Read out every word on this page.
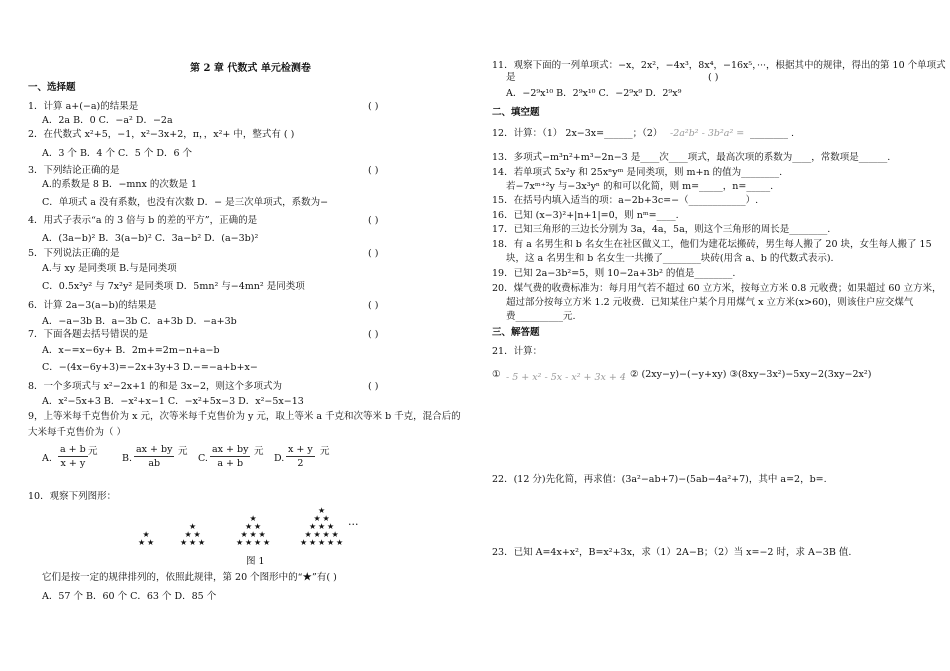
第 2 章 代数式 单元检测卷
一、选择题
1．计算 a+(−a)的结果是	( )
A．2a B．0 C．−a² D．−2a
2．在代数式 x²+5，−1，x²−3x+2，π，，x²+ 中，整式有 ( )
A．3 个 B．4 个 C．5 个 D．6 个
3．下列结论正确的是	( )
A.的系数是 8 B．−mnx 的次数是 1
C．单项式 a 没有系数，也没有次数 D．− 是三次单项式，系数为−
4．用式子表示“a 的 3 倍与 b 的差的平方”，正确的是	( )
A．(3a−b)² B．3(a−b)² C．3a−b² D．(a−3b)²
5．下列说法正确的是	( )
A.与 xy 是同类项 B.与是同类项
C．0.5x²y² 与 7x²y² 是同类项 D．5mn² 与−4mn² 是同类项
6．计算 2a−3(a−b)的结果是	( )
A．−a−3b B．a−3b C．a+3b D．−a+3b
7．下面各题去括号错误的是	( )
A．x−=x−6y+ B．2m+=2m−n+a−b
C．−(4x−6y+3)=−2x+3y+3 D.−=−a+b+x−
8．一个多项式与 x²−2x+1 的和是 3x−2，则这个多项式为	( )
A．x²−5x+3 B．−x²+x−1 C．−x²+5x−3 D．x²−5x−13
9，上等米每千克售价为 x 元，次等米每千克售价为 y 元，取上等米 a 千克和次等米 b 千克，混合后的
大米每千克售价为（ ）
A.
a + b
x + y
元
B.
ax + by
ab
元
C.
ax + by
a + b
元
D.
x + y
2
元
10．观察下列图形：
★ ★
★
★
★ ★
★ ★ ★
★
★ ★
★ ★ ★
★ ★ ★ ★
★
★ ★
★ ★ ★
★ ★ ★ ★
★ ★ ★ ★ ★
···
图 1
它们是按一定的规律排列的，依照此规律，第 20 个图形中的“★”有( )
A．57 个 B．60 个 C．63 个 D．85 个
11．观察下面的一列单项式：−x，2x²，−4x³，8x⁴，−16x⁵，···，根据其中的规律，得出的第 10 个单项式
是	( )
A．−2⁹x¹⁰ B．2⁹x¹⁰ C．−2⁹x⁹ D．2⁹x⁹
二、填空题
12．计算：（1） 2x−3x=______；（2） -2a²b² - 3b²a² = ________ .
13．多项式−m³n²+m³−2n−3 是____次____项式，最高次项的系数为____，常数项是______.
14．若单项式 5x²y 和 25xⁿyᵐ 是同类项，则 m+n 的值为________.
若−7xᵐ⁺²y 与−3x³yⁿ 的和可以化简，则 m=_____，n=_____.
15．在括号内填入适当的项：a−2b+3c=−（____________）.
16．已知 (x−3)²+|n+1|=0，则 nᵐ=____.
17．已知三角形的三边长分别为 3a，4a，5a，则这个三角形的周长是________.
18．有 a 名男生和 b 名女生在社区做义工，他们为建花坛搬砖，男生每人搬了 20 块，女生每人搬了 15
块，这 a 名男生和 b 名女生一共搬了________块砖(用含 a、b 的代数式表示).
19．已知 2a−3b²=5，则 10−2a+3b² 的值是________.
20．煤气费的收费标准为：每月用气若不超过 60 立方米，按每立方米 0.8 元收费；如果超过 60 立方米，
超过部分按每立方米 1.2 元收费．已知某住户某个月用煤气 x 立方米(x>60)，则该住户应交煤气
费__________元.
三、解答题
21．计算：
① - 5 + x² - 5x - x² + 3x + 4 ② (2xy−y)−(−y+xy) ③(8xy−3x²)−5xy−2(3xy−2x²)
22．(12 分)先化简，再求值：(3a²−ab+7)−(5ab−4a²+7)，其中 a=2，b=.
23．已知 A=4x+x²，B=x²+3x，求（1）2A−B；（2）当 x=−2 时，求 A−3B 值.
